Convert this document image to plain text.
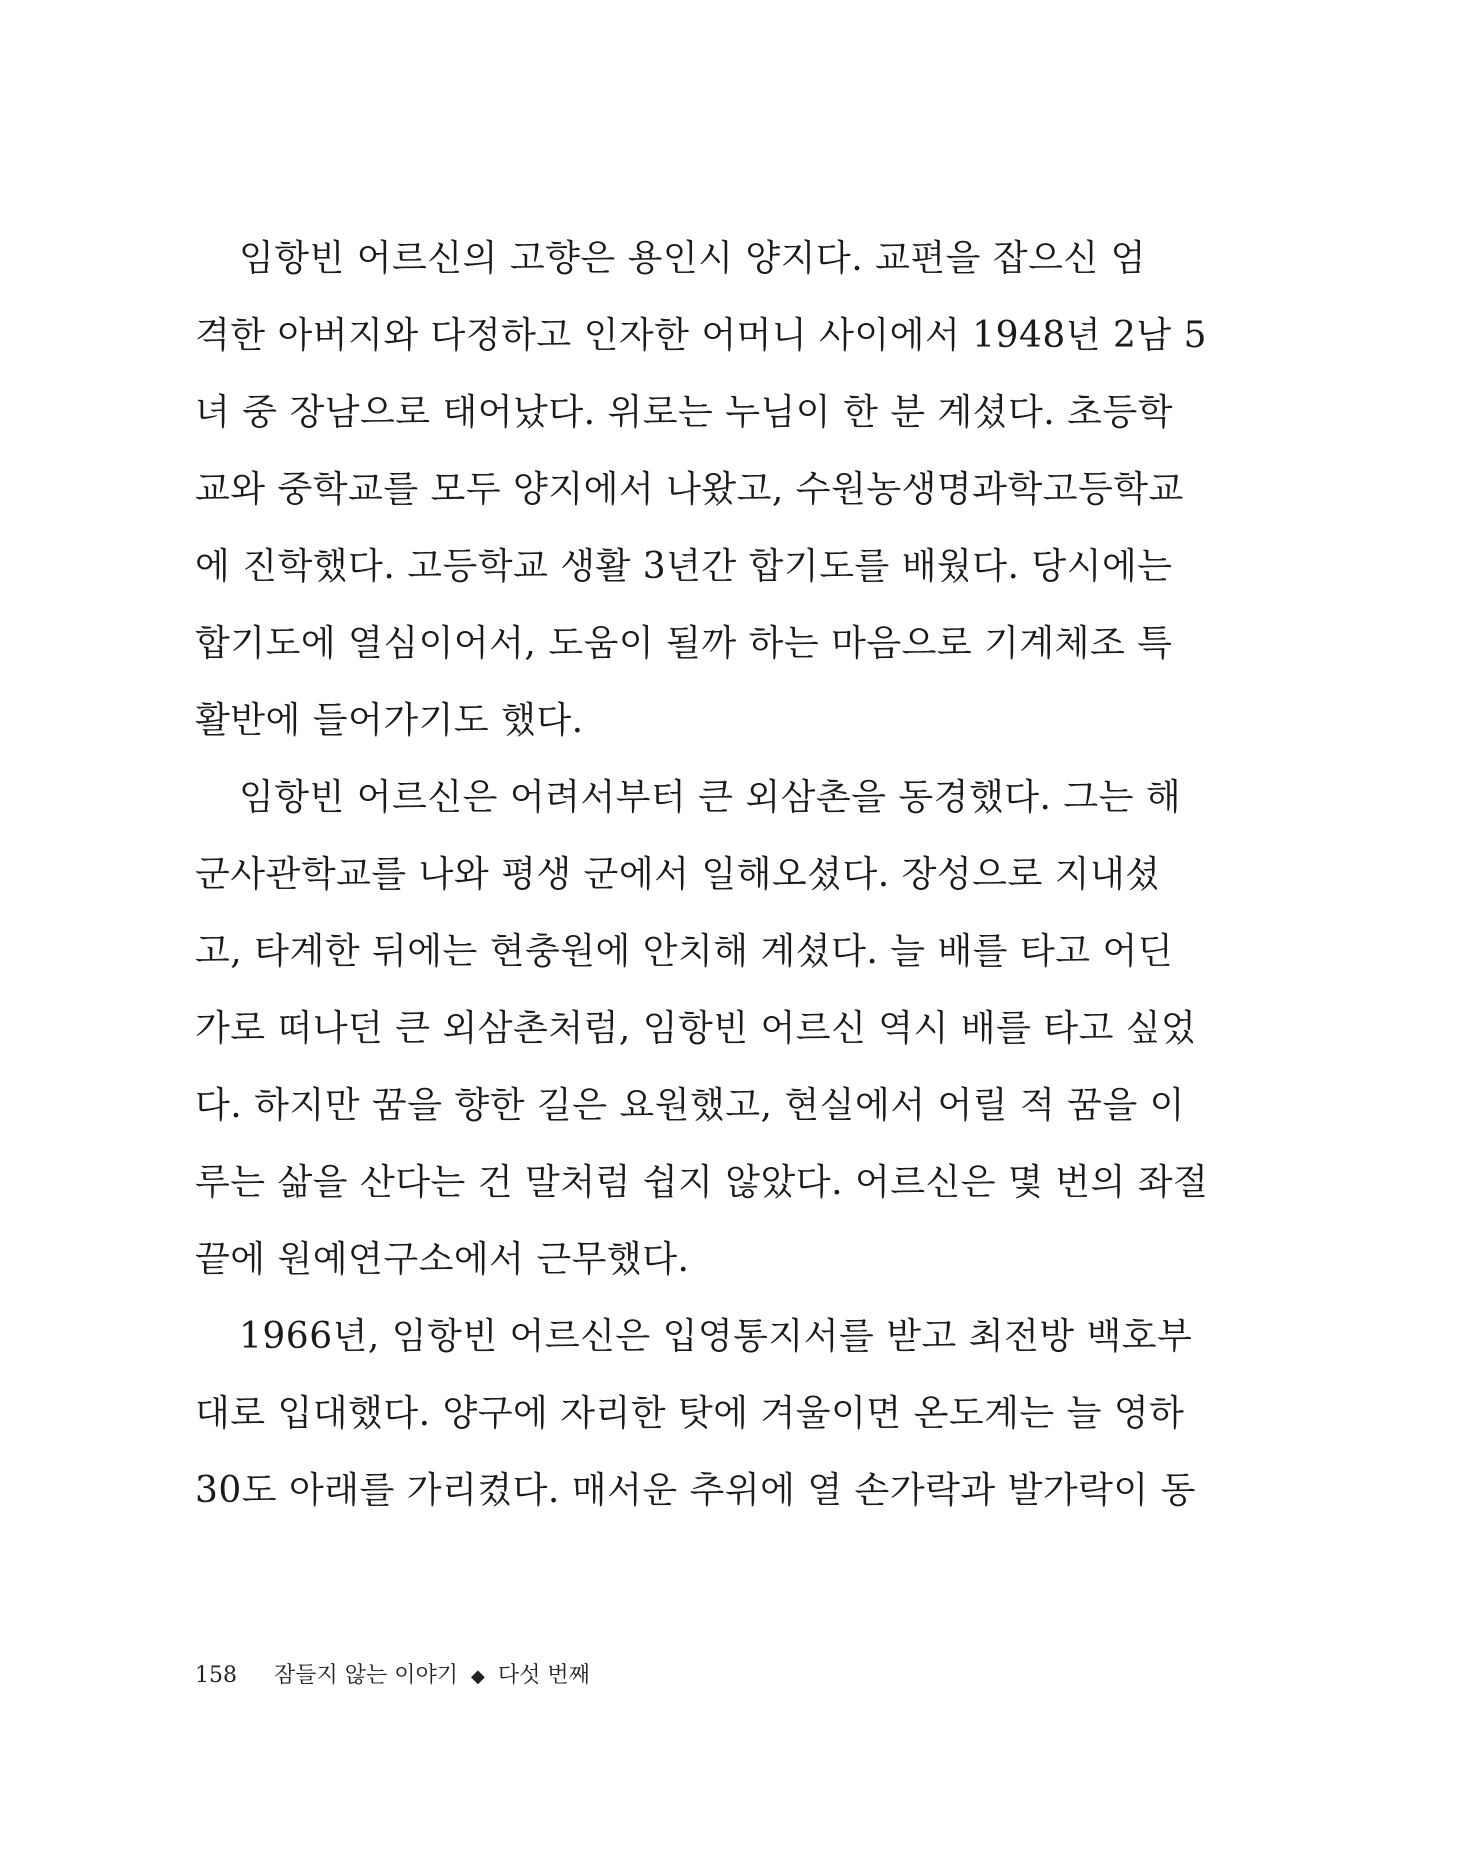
임항빈 어르신의 고향은 용인시 양지다. 교편을 잡으신 엄
격한 아버지와 다정하고 인자한 어머니 사이에서 1948년 2남 5
녀 중 장남으로 태어났다. 위로는 누님이 한 분 계셨다. 초등학
교와 중학교를 모두 양지에서 나왔고, 수원농생명과학고등학교
에 진학했다. 고등학교 생활 3년간 합기도를 배웠다. 당시에는
합기도에 열심이어서, 도움이 될까 하는 마음으로 기계체조 특
활반에 들어가기도 했다.
임항빈 어르신은 어려서부터 큰 외삼촌을 동경했다. 그는 해
군사관학교를 나와 평생 군에서 일해오셨다. 장성으로 지내셨
고, 타계한 뒤에는 현충원에 안치해 계셨다. 늘 배를 타고 어딘
가로 떠나던 큰 외삼촌처럼, 임항빈 어르신 역시 배를 타고 싶었
다. 하지만 꿈을 향한 길은 요원했고, 현실에서 어릴 적 꿈을 이
루는 삶을 산다는 건 말처럼 쉽지 않았다. 어르신은 몇 번의 좌절
끝에 원예연구소에서 근무했다.
1966년, 임항빈 어르신은 입영통지서를 받고 최전방 백호부
대로 입대했다. 양구에 자리한 탓에 겨울이면 온도계는 늘 영하
30도 아래를 가리켰다. 매서운 추위에 열 손가락과 발가락이 동
158 잠들지 않는 이야기 ◆ 다섯 번째
